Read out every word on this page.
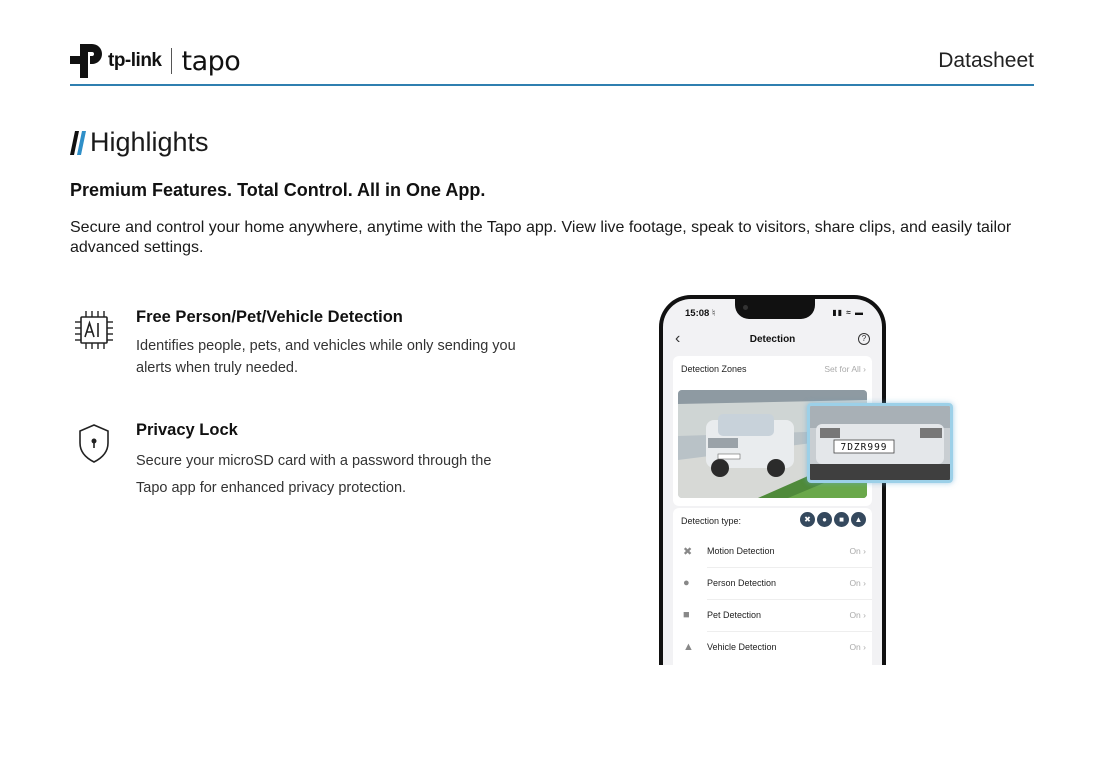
tp-link tapo	Datasheet
Highlights
Premium Features. Total Control. All in One App.
Secure and control your home anywhere, anytime with the Tapo app. View live footage, speak to visitors, share clips, and easily tailor advanced settings.
Free Person/Pet/Vehicle Detection

Identifies people, pets, and vehicles while only sending you
alerts when truly needed.

Privacy Lock

Secure your microSD card with a password through the
Tapo app for enhanced privacy protection.

15:08 ♮	▮▮ ≈ ▬
‹	Detection	?
Detection Zones	Set for All ›
Detection type:	✖	●	■	▲
✖ Motion Detection	On ›
● Person Detection	On ›
■ Pet Detection	On ›
▲ Vehicle Detection	On ›
7DZR999
